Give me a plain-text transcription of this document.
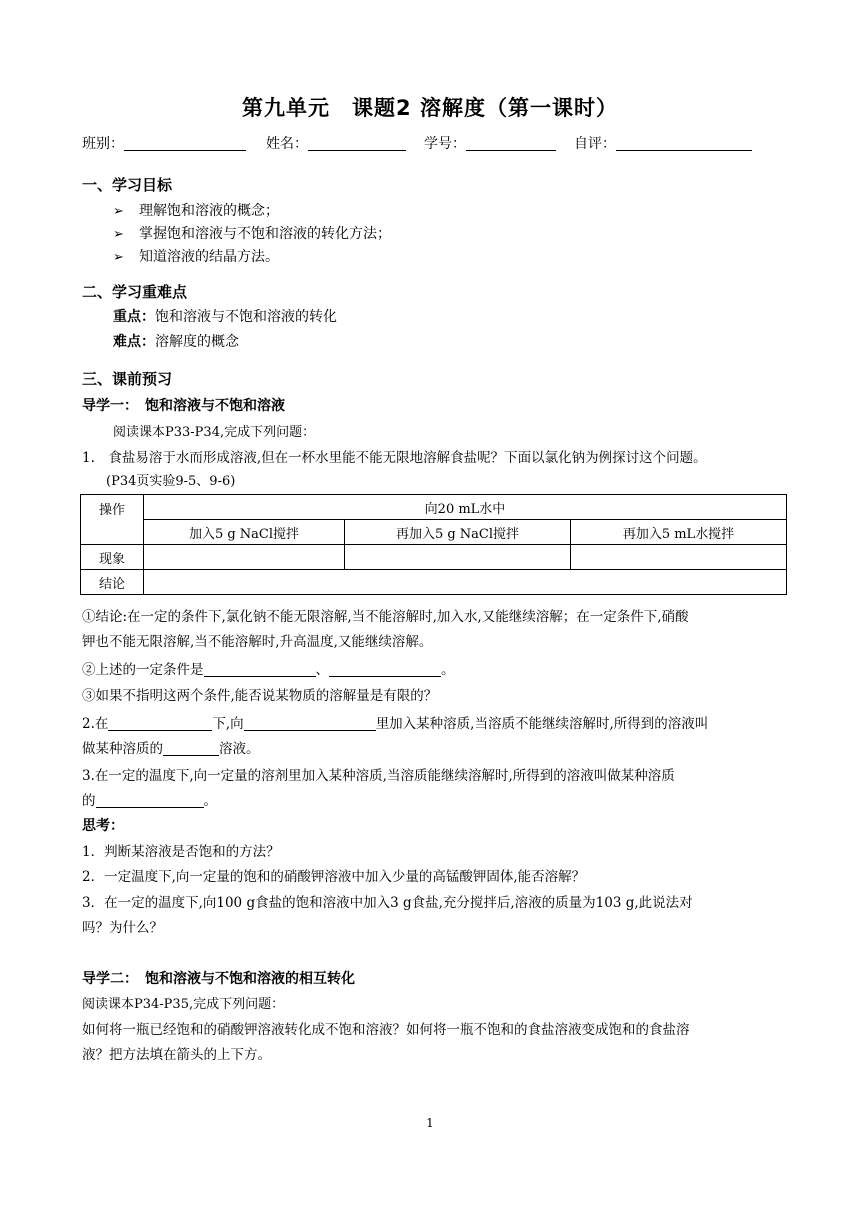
第九单元　课题2 溶解度（第一课时）
班别：	姓名：	学号：	自评：
一、学习目标
➢ 理解饱和溶液的概念；
➢ 掌握饱和溶液与不饱和溶液的转化方法；
➢ 知道溶液的结晶方法。
二、学习重难点
重点：饱和溶液与不饱和溶液的转化
难点：溶解度的概念
三、课前预习
导学一：　饱和溶液与不饱和溶液
阅读课本P33-P34,完成下列问题：
1.　食盐易溶于水而形成溶液,但在一杯水里能不能无限地溶解食盐呢？下面以氯化钠为例探讨这个问题。
(P34页实验9-5、9-6)
操作	向20 mL水中		
	加入5 g NaCl搅拌	再加入5 g NaCl搅拌	再加入5 mL水搅拌
现象			
结论			
①结论:在一定的条件下,氯化钠不能无限溶解,当不能溶解时,加入水,又能继续溶解；在一定条件下,硝酸
钾也不能无限溶解,当不能溶解时,升高温度,又能继续溶解。
②上述的一定条件是	、	。
③如果不指明这两个条件,能否说某物质的溶解量是有限的？
2.在	下,向	里加入某种溶质,当溶质不能继续溶解时,所得到的溶液叫
做某种溶质的	溶液。
3.在一定的温度下,向一定量的溶剂里加入某种溶质,当溶质能继续溶解时,所得到的溶液叫做某种溶质
的	。
思考：
1．判断某溶液是否饱和的方法？
2．一定温度下,向一定量的饱和的硝酸钾溶液中加入少量的高锰酸钾固体,能否溶解？
3．在一定的温度下,向100 g食盐的饱和溶液中加入3 g食盐,充分搅拌后,溶液的质量为103 g,此说法对
吗？为什么？
导学二：　饱和溶液与不饱和溶液的相互转化
阅读课本P34-P35,完成下列问题：
如何将一瓶已经饱和的硝酸钾溶液转化成不饱和溶液？如何将一瓶不饱和的食盐溶液变成饱和的食盐溶
液？把方法填在箭头的上下方。
1
